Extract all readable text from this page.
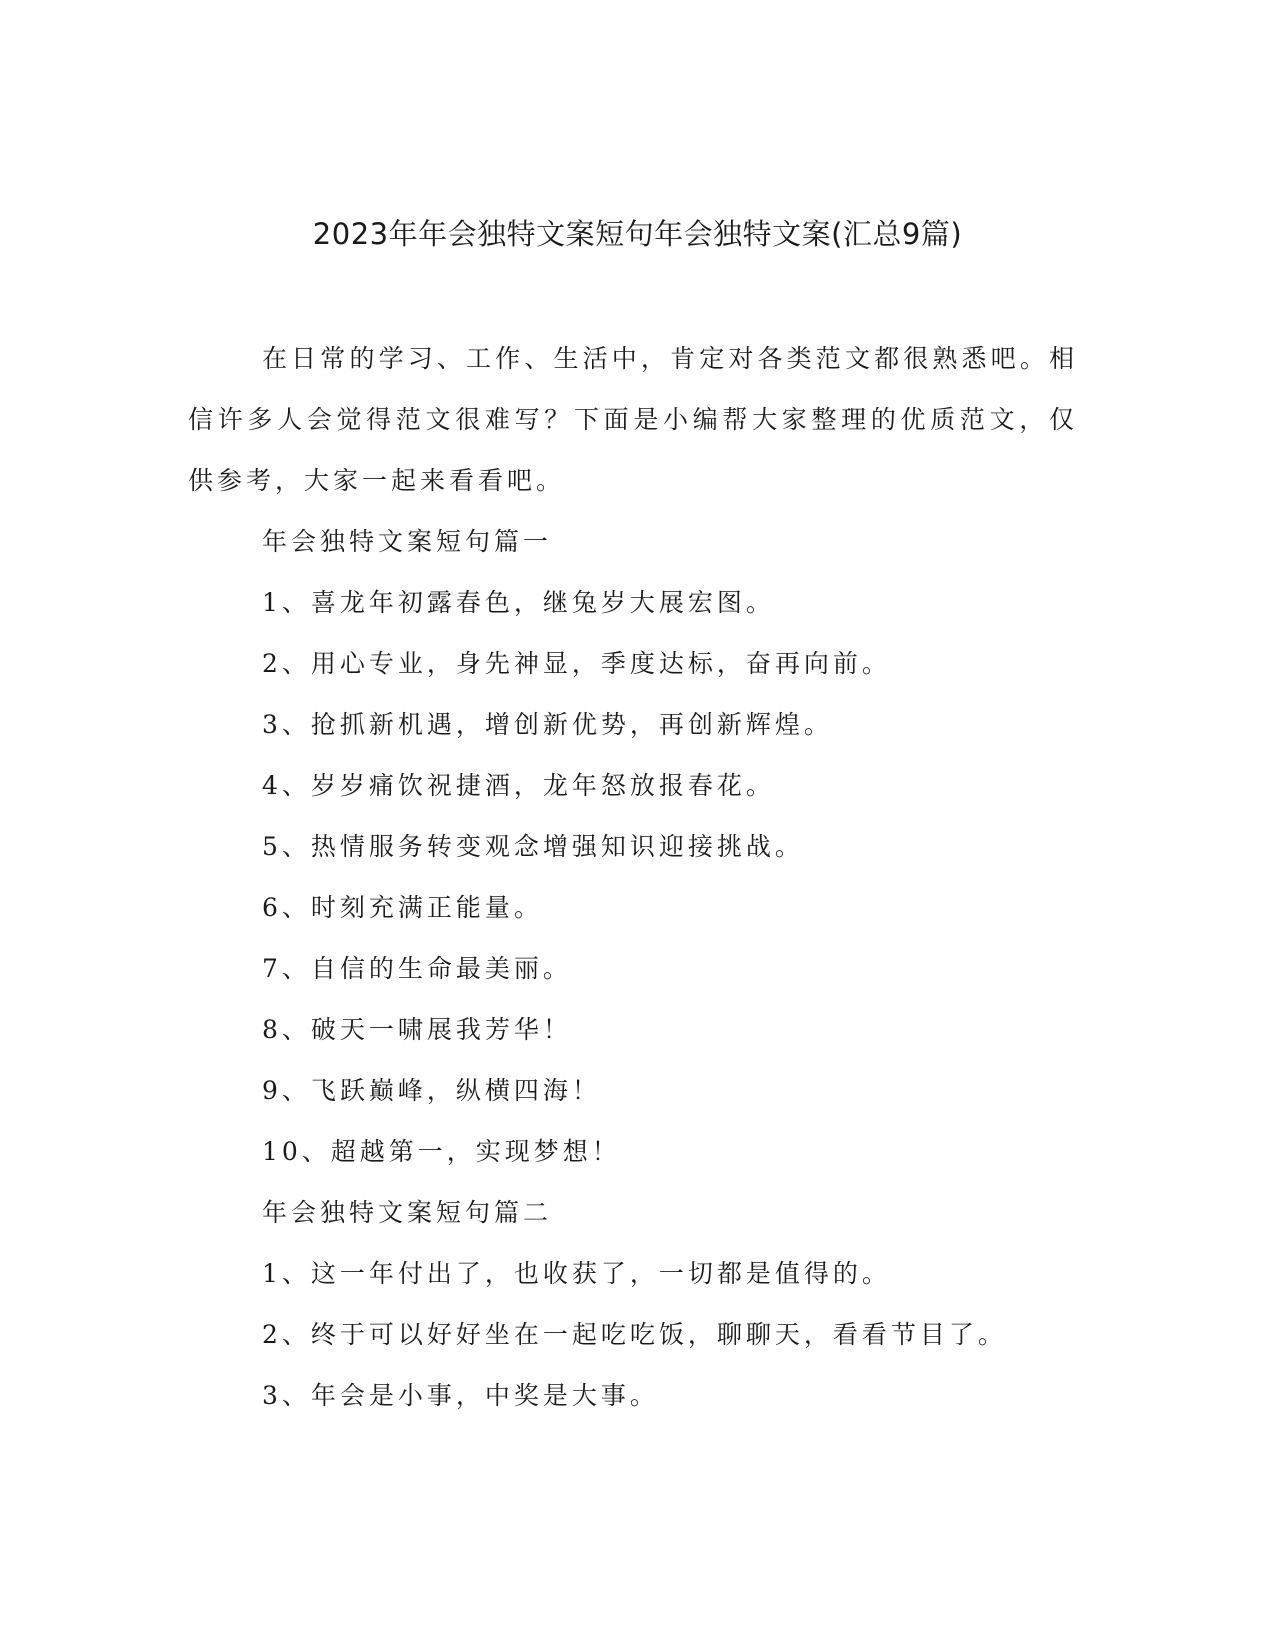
2023年年会独特文案短句年会独特文案(汇总9篇)

在日常的学习、工作、生活中，肯定对各类范文都很熟悉吧。相信许多人会觉得范文很难写？下面是小编帮大家整理的优质范文，仅供参考，大家一起来看看吧。

年会独特文案短句篇一

1、喜龙年初露春色，继兔岁大展宏图。

2、用心专业，身先神显，季度达标，奋再向前。

3、抢抓新机遇，增创新优势，再创新辉煌。

4、岁岁痛饮祝捷酒，龙年怒放报春花。

5、热情服务转变观念增强知识迎接挑战。

6、时刻充满正能量。

7、自信的生命最美丽。

8、破天一啸展我芳华！

9、飞跃巅峰，纵横四海！

10、超越第一，实现梦想！

年会独特文案短句篇二

1、这一年付出了，也收获了，一切都是值得的。

2、终于可以好好坐在一起吃吃饭，聊聊天，看看节目了。

3、年会是小事，中奖是大事。
